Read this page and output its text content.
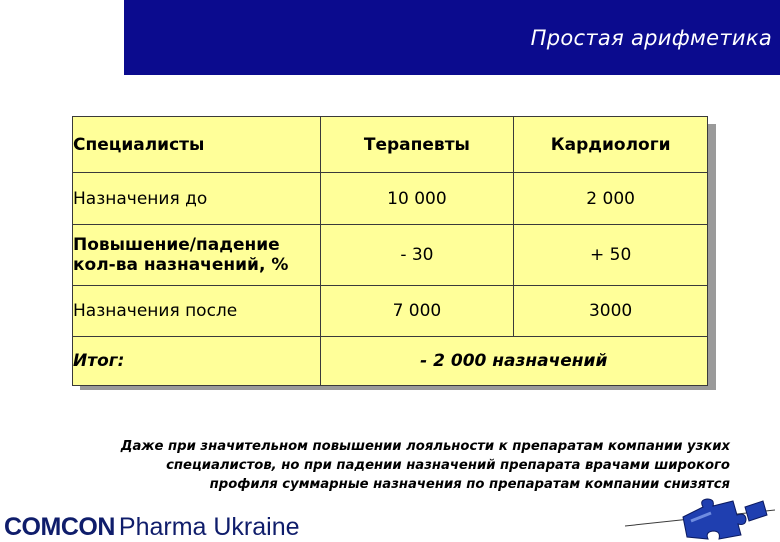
Простая арифметика
Специалисты	Терапевты	Кардиологи
Назначения до	10 000	2 000
Повышение/падение
кол-ва назначений, %	- 30	+ 50
Назначения после	7 000	3000
Итог:	- 2 000 назначений	
Даже при значительном повышении лояльности к препаратам компании узких
специалистов, но при падении назначений препарата врачами широкого
профиля суммарные назначения по препаратам компании снизятся
COMCON Pharma Ukraine
